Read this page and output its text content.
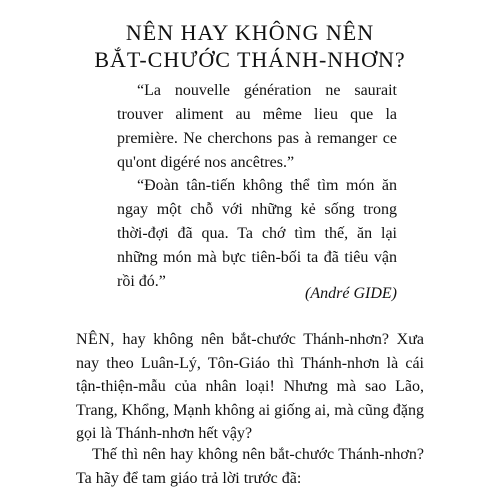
NÊN HAY KHÔNG NÊN
BẮT-CHƯỚC THÁNH-NHƠN?

“La nouvelle génération ne saurait trouver aliment au même lieu que la première. Ne cherchons pas à remanger ce qu'ont digéré nos ancêtres.”

“Đoàn tân-tiến không thể tìm món ăn ngay một chỗ với những kẻ sống trong thời-đợi đã qua. Ta chớ tìm thế, ăn lại những món mà bực tiên-bối ta đã tiêu vận rồi đó.”

(André GIDE)

NÊN, hay không nên bắt-chước Thánh-nhơn? Xưa nay theo Luân-Lý, Tôn-Giáo thì Thánh-nhơn là cái tận-thiện-mẫu của nhân loại! Nhưng mà sao Lão, Trang, Khổng, Mạnh không ai giống ai, mà cũng đặng gọi là Thánh-nhơn hết vậy?

Thế thì nên hay không nên bắt-chước Thánh-nhơn? Ta hãy để tam giáo trả lời trước đã:
